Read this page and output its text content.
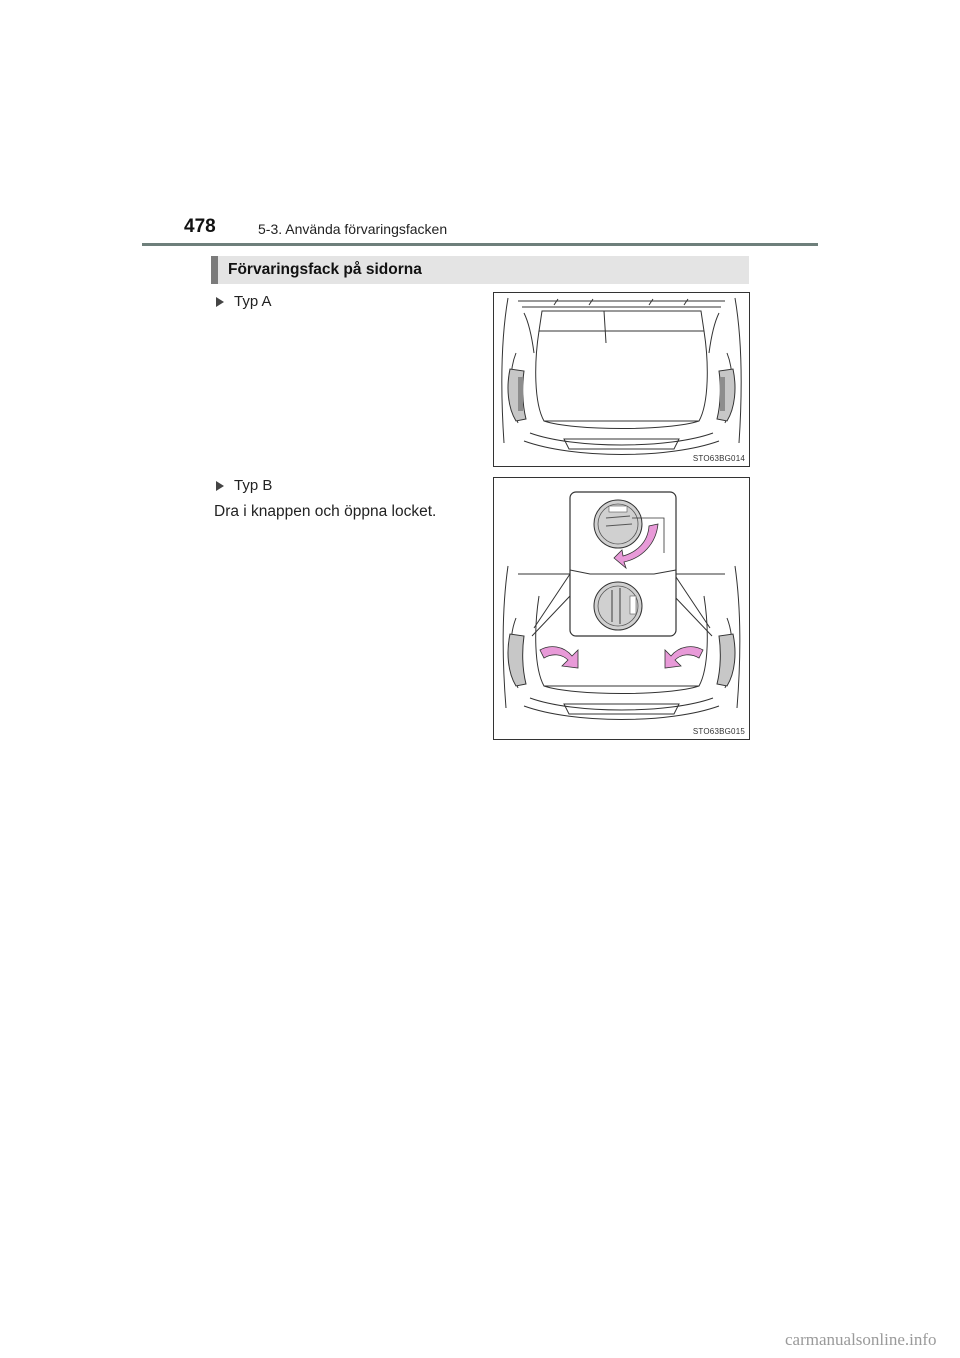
478	5-3. Använda förvaringsfacken
Förvaringsfack på sidorna
Typ A
STO63BG014
Typ B
Dra i knappen och öppna locket.
STO63BG015
carmanualsonline.info
